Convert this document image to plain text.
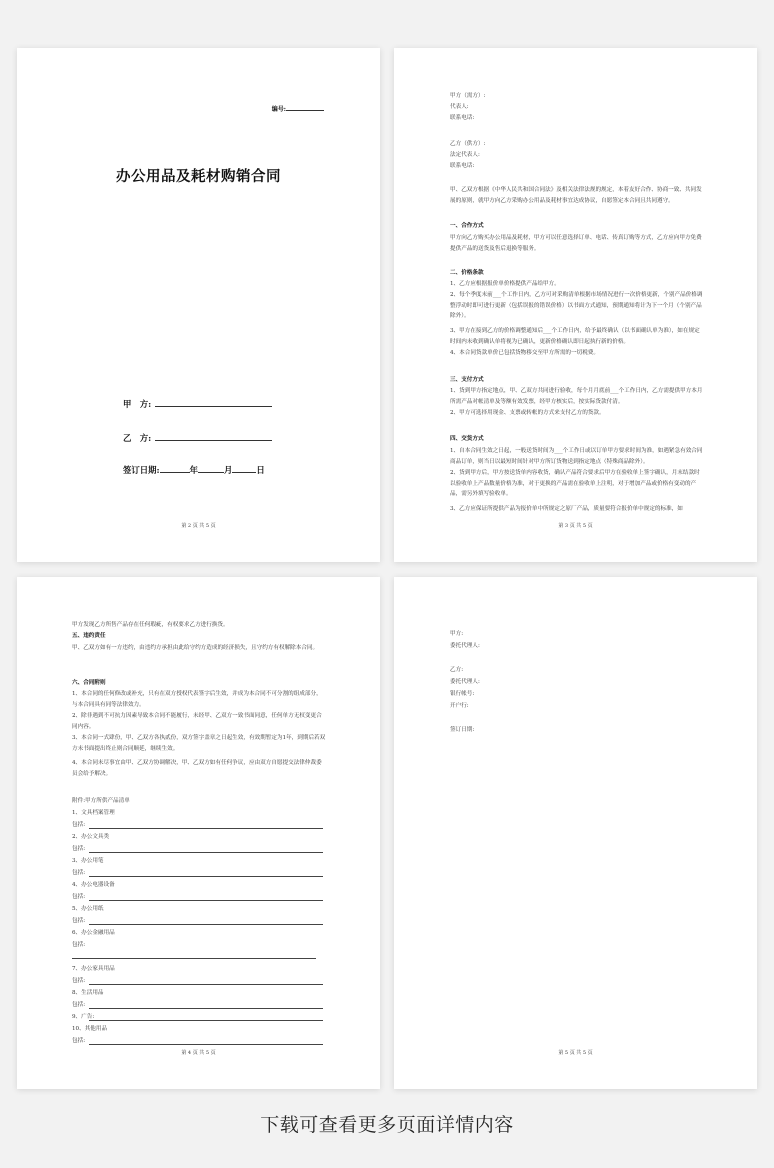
编号:
办公用品及耗材购销合同
甲　方:
乙　方:
签订日期:	年	月	日
第 2 页 共 5 页
甲方（需方）:
代表人:
联系电话:
乙方（供方）:
法定代表人:
联系电话:
甲、乙双方根据《中华人民共和国合同法》及相关法律法规的规定，本着友好合作、协商一致、共同发展的原则，就甲方向乙方采购办公用品及耗材事宜达成协议，自愿签定本合同且共同遵守。
一、合作方式
甲方向乙方购买办公用品及耗材，甲方可以任意选择订单、电话、传真订购等方式，乙方应向甲方免费提供产品的送货及售后退换等服务。
二、价格条款
1、乙方应根据报价单价格提供产品给甲方。
2、每个季度末前___个工作日内，乙方可对采购清单根据市场情况进行一次价格更新，个别产品价格调整浮动时即可进行更新（包括误报的错误价格）以书面方式通知，预期通知将计为下一个月（个别产品除外）。
3、甲方在接到乙方的价格调整通知后___个工作日内，给予最终确认（以书面确认单为准），如在规定时间内未收到确认单将视为已确认，更新价格确认即日起执行新的价格。
4、本合同货款单价已包括货物移交至甲方所需的一切税费。
三、支付方式
1、货到甲方指定地点，甲、乙双方共同进行验收，每个月月底前___个工作日内，乙方需提供甲方本月所需产品对帐清单及等额有效发票，经甲方核实后，按实际货款付清。
2、甲方可选择用现金、支票或转帐的方式来支付乙方的货款。
四、交货方式
1、自本合同生效之日起，一般送货时间为___个工作日或以订单甲方要求时间为准，如遇紧急有效合同商品订单，则当日以最短时间针对甲方所订货物送到指定地点（特殊商品除外）。
2、货到甲方后，甲方按送货单内容收货，确认产品符合要求后甲方在验收单上签字确认，月末结款时以验收单上产品数量价格为准，对于更换的产品需在验收单上注明，对于增加产品或价格有变动的产品，需另外填写验收单。
3、乙方应保证所提供产品为报价单中所规定之原厂产品，质量要符合报价单中规定的标准，如
第 3 页 共 5 页
甲方发现乙方所售产品存在任何瑕疵，有权要求乙方进行换货。
五、违约责任
甲、乙双方如有一方违约，由违约方承担由此给守约方造成的经济损失，且守约方有权解除本合同。
六、合同附则
1、本合同的任何修改或补充，只有在双方授权代表签字后生效，并成为本合同不可分割的组成部分，与本合同具有同等法律效力。
2、除非遇到不可抗力因素导致本合同不能履行，未经甲、乙双方一致书面同意，任何单方无权变更合同内容。
3、本合同一式肆份，甲、乙双方各执贰份，双方签字盖章之日起生效，有效期暂定为1年，到期后若双方未书面提出终止则合同顺延，继续生效。
4、本合同未尽事宜由甲、乙双方协调解决，甲、乙双方如有任何争议，应由双方自愿提交法律仲裁委员会给予解决。
附件:甲方所供产品清单
1、文具档案管理
包括:
2、办公文具类
包括:
3、办公用笔
包括:
4、办公电器设备
包括:
5、办公用纸
包括:
6、办公金融用品
包括:
7、办公家具用品
包括:
8、生活用品
包括:
9、广告:
10、其他用品
包括:
第 4 页 共 5 页
甲方:
委托代理人:
乙方:
委托代理人:
银行帐号:
开户行:
签订日期:
第 5 页 共 5 页
下载可查看更多页面详情内容
